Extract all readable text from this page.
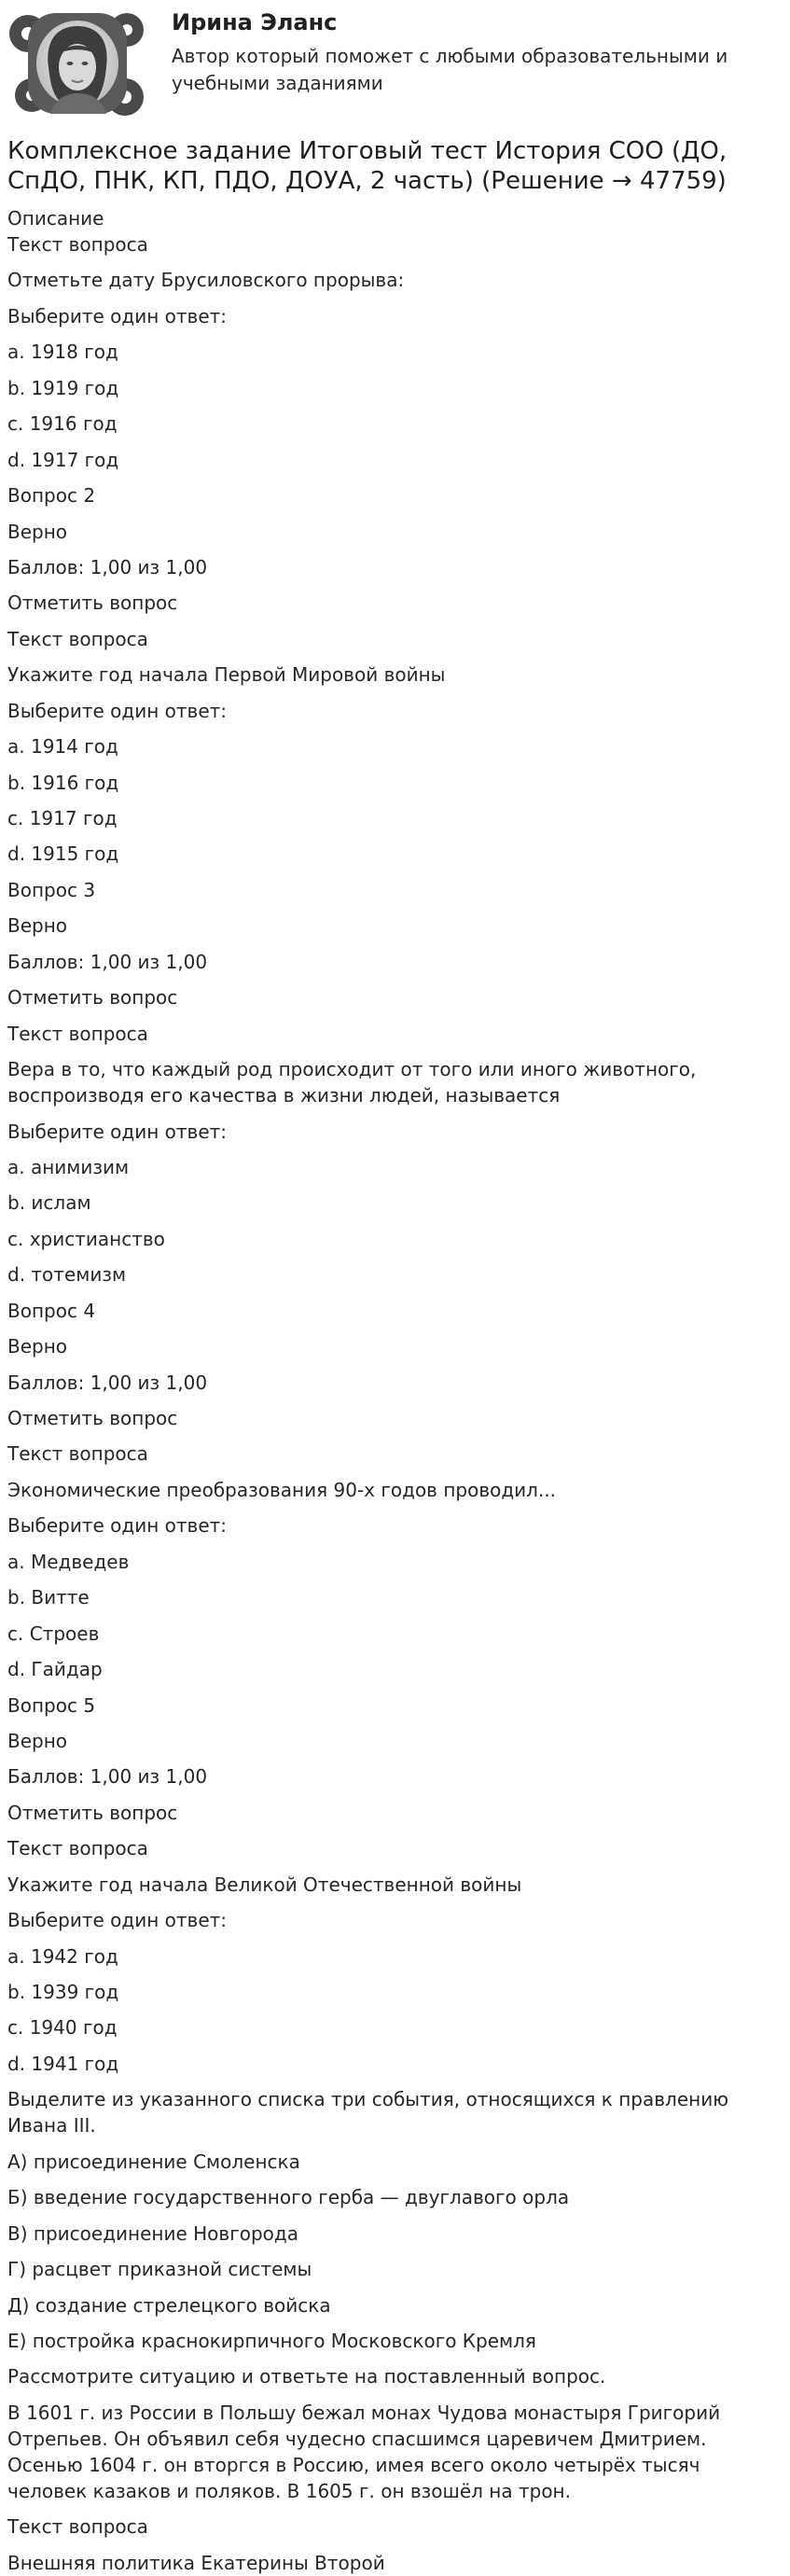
Ирина Эланс

Автор который поможет с любыми образовательными и учебными заданиями

Комплексное задание Итоговый тест История СОО (ДО, СпДО, ПНК, КП, ПДО, ДОУА, 2 часть) (Решение → 47759)

Описание

Текст вопроса

Отметьте дату Брусиловского прорыва:

Выберите один ответ:

a. 1918 год

b. 1919 год

c. 1916 год

d. 1917 год

Вопрос 2

Верно

Баллов: 1,00 из 1,00

Отметить вопрос

Текст вопроса

Укажите год начала Первой Мировой войны

Выберите один ответ:

a. 1914 год

b. 1916 год

c. 1917 год

d. 1915 год

Вопрос 3

Верно

Баллов: 1,00 из 1,00

Отметить вопрос

Текст вопроса

Вера в то, что каждый род происходит от того или иного животного, воспроизводя его качества в жизни людей, называется

Выберите один ответ:

a. анимизим

b. ислам

c. христианство

d. тотемизм

Вопрос 4

Верно

Баллов: 1,00 из 1,00

Отметить вопрос

Текст вопроса

Экономические преобразования 90-х годов проводил...

Выберите один ответ:

a. Медведев

b. Витте

c. Строев

d. Гайдар

Вопрос 5

Верно

Баллов: 1,00 из 1,00

Отметить вопрос

Текст вопроса

Укажите год начала Великой Отечественной войны

Выберите один ответ:

a. 1942 год

b. 1939 год

c. 1940 год

d. 1941 год

Выделите из указанного списка три события, относящихся к правлению Ивана III.

А) присоединение Смоленска

Б) введение государственного герба — двуглавого орла

В) присоединение Новгорода

Г) расцвет приказной системы

Д) создание стрелецкого войска

Е) постройка краснокирпичного Московского Кремля

Рассмотрите ситуацию и ответьте на поставленный вопрос.

В 1601 г. из России в Польшу бежал монах Чудова монастыря Григорий Отрепьев. Он объявил себя чудесно спасшимся царевичем Дмитрием. Осенью 1604 г. он вторгся в Россию, имея всего около четырёх тысяч человек казаков и поляков. В 1605 г. он взошёл на трон.

Текст вопроса

Внешняя политика Екатерины Второй
